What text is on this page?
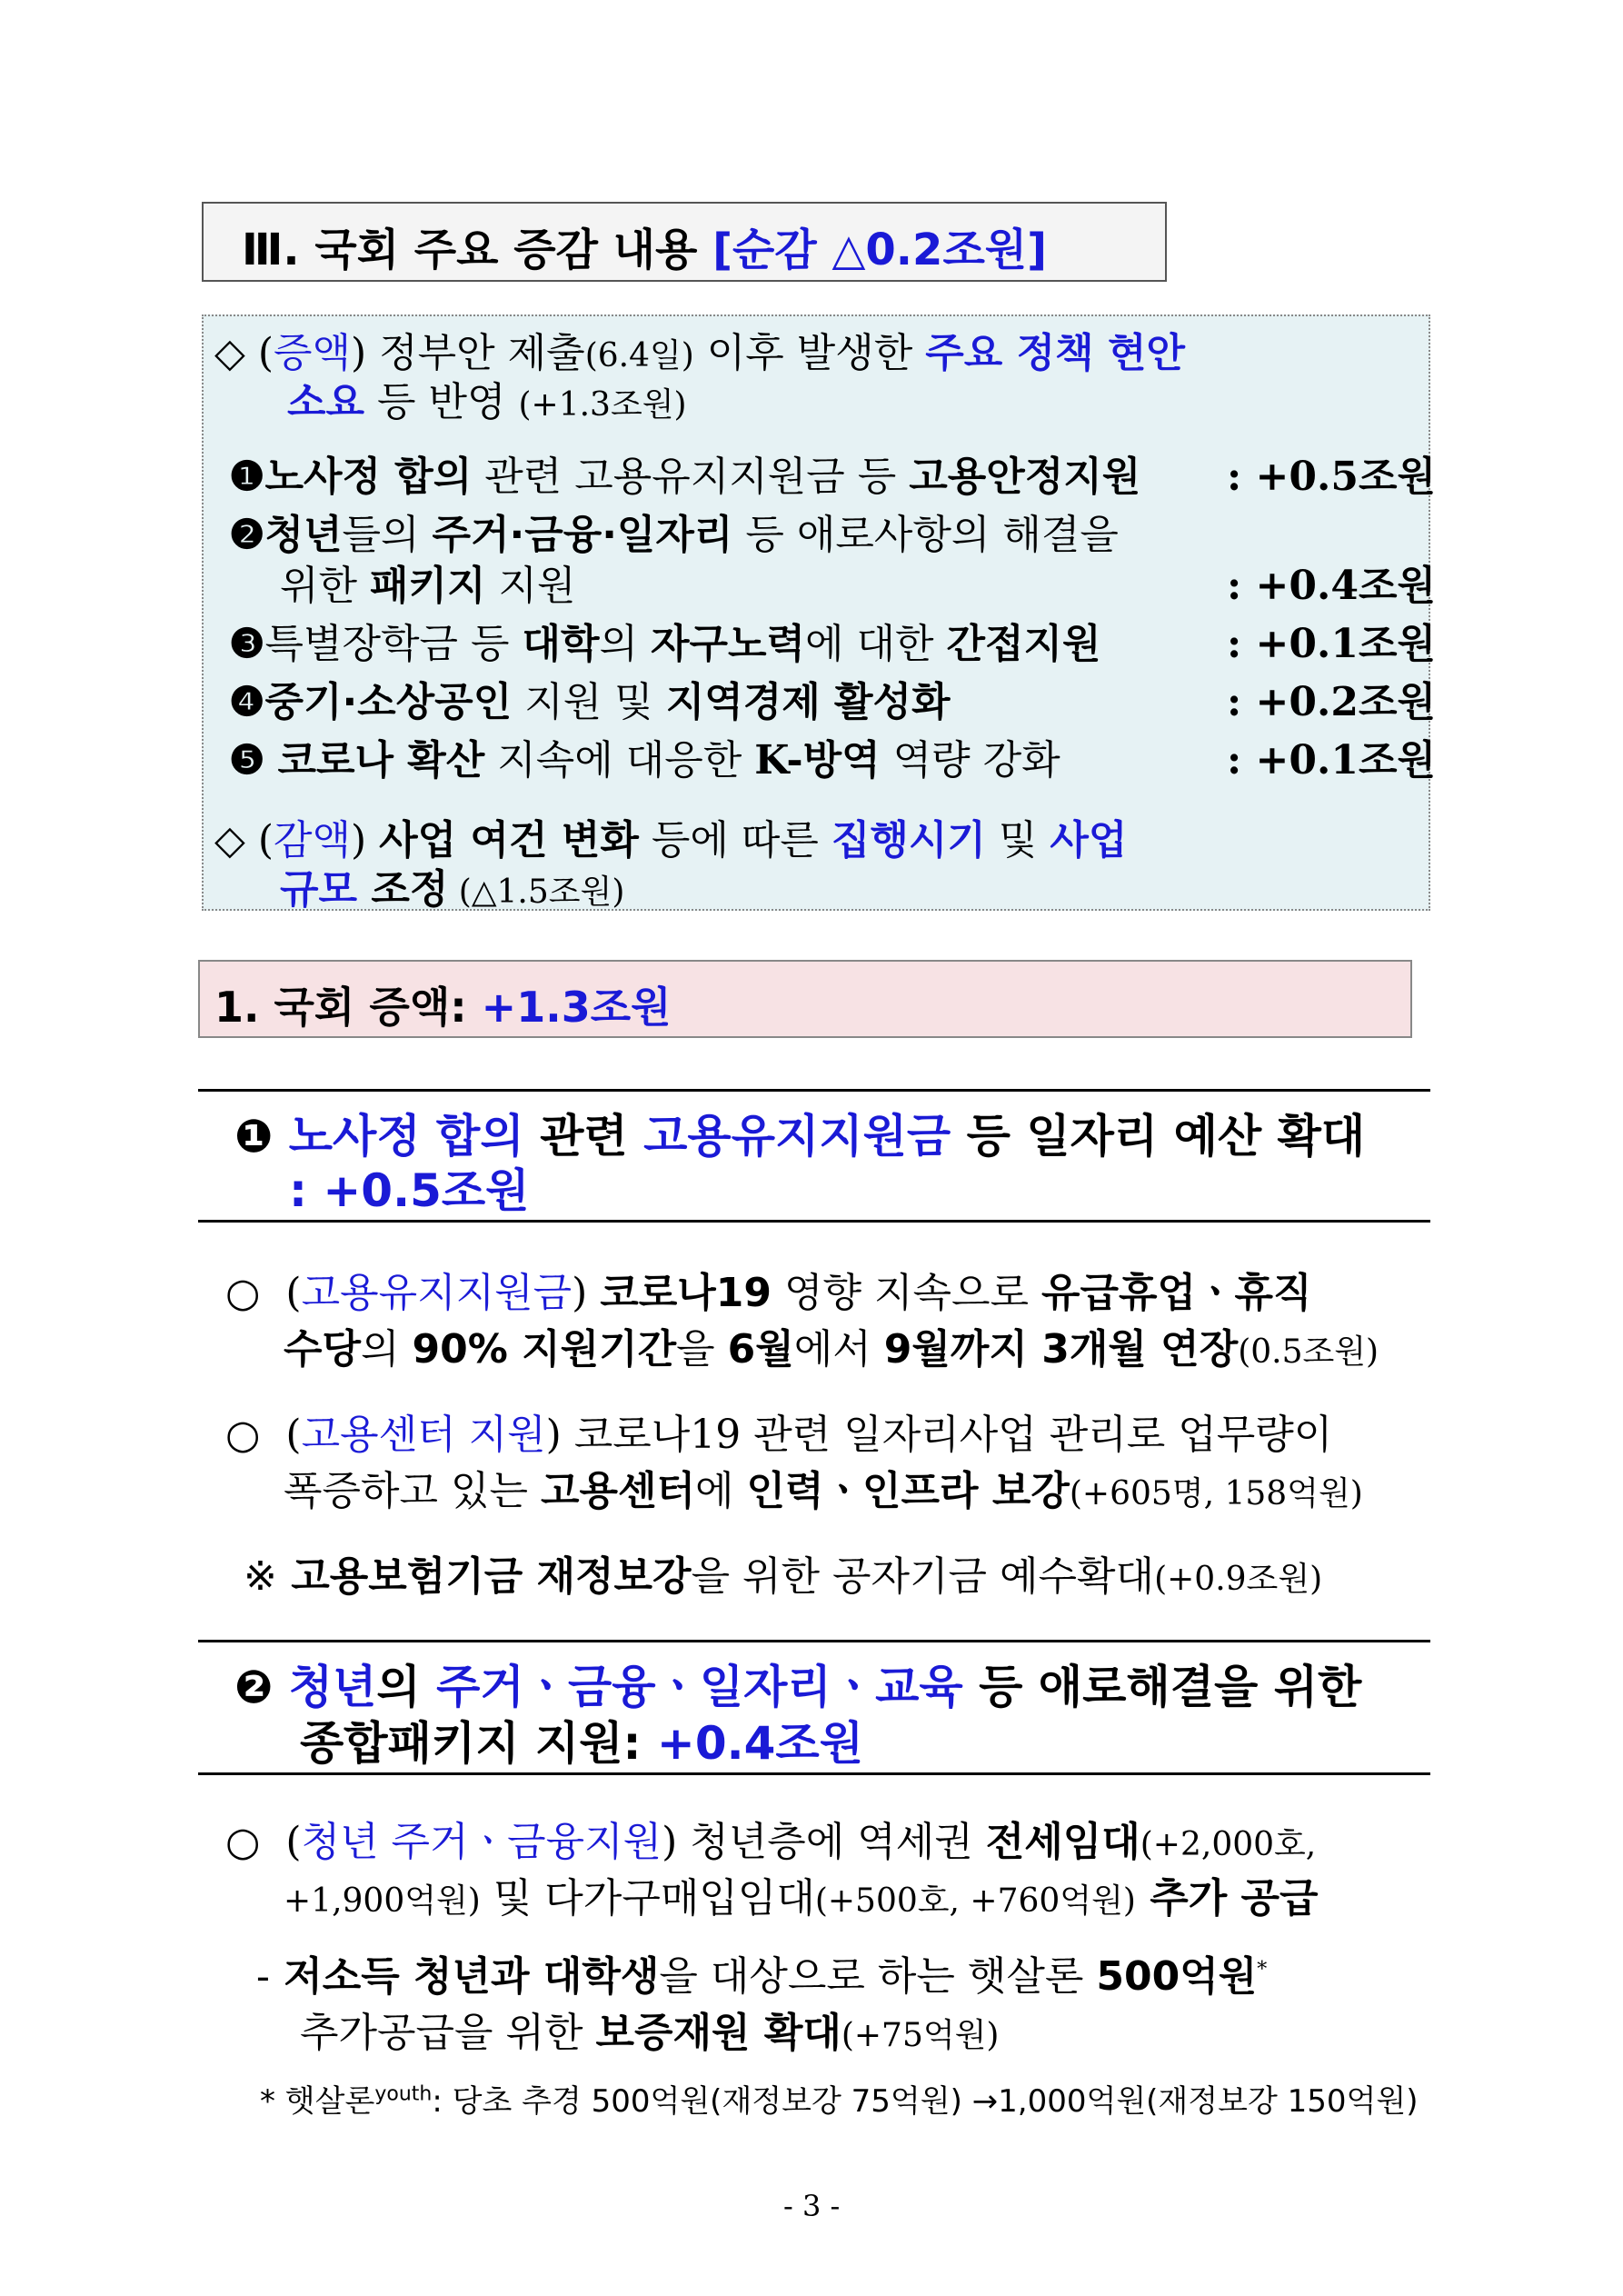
Ⅲ. 국회 주요 증감 내용 [순감 △0.2조원]
◇ (증액) 정부안 제출(6.4일) 이후 발생한 주요 정책 현안
소요 등 반영 (+1.3조원)
❶노사정 합의 관련 고용유지지원금 등 고용안정지원 : +0.5조원
❷청년들의 주거·금융·일자리 등 애로사항의 해결을
위한 패키지 지원	: +0.4조원
❸특별장학금 등 대학의 자구노력에 대한 간접지원	: +0.1조원
❹중기·소상공인 지원 및 지역경제 활성화	: +0.2조원
❺ 코로나 확산 지속에 대응한 K-방역 역량 강화	: +0.1조원
◇ (감액) 사업 여건 변화 등에 따른 집행시기 및 사업
규모 조정 (△1.5조원)
1. 국회 증액: +1.3조원
❶ 노사정 합의 관련 고용유지지원금 등 일자리 예산 확대
: +0.5조원
○ (고용유지지원금) 코로나19 영향 지속으로 유급휴업ㆍ휴직
수당의 90% 지원기간을 6월에서 9월까지 3개월 연장(0.5조원)
○ (고용센터 지원) 코로나19 관련 일자리사업 관리로 업무량이
폭증하고 있는 고용센터에 인력ㆍ인프라 보강(+605명, 158억원)
※ 고용보험기금 재정보강을 위한 공자기금 예수확대(+0.9조원)
❷ 청년의 주거ㆍ금융ㆍ일자리ㆍ교육 등 애로해결을 위한
종합패키지 지원: +0.4조원
○ (청년 주거ㆍ금융지원) 청년층에 역세권 전세임대(+2,000호,
+1,900억원) 및 다가구매입임대(+500호, +760억원) 추가 공급
- 저소득 청년과 대학생을 대상으로 하는 햇살론 500억원*
추가공급을 위한 보증재원 확대(+75억원)
* 햇살론$^{youth}$: 당초 추경 500억원(재정보강 75억원) →1,000억원(재정보강 150억원)
- 3 -
